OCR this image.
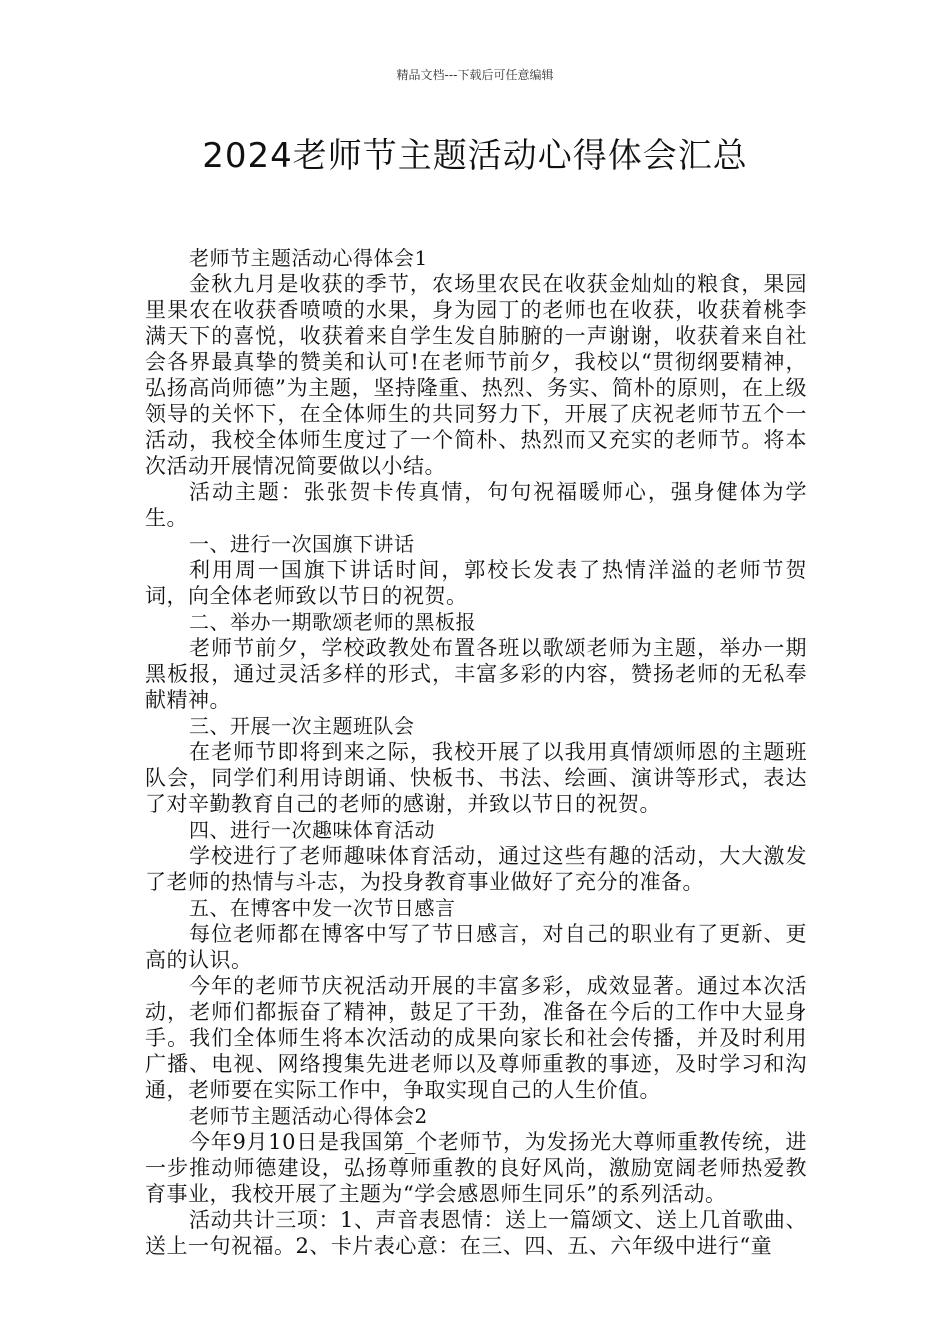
精品文档---下载后可任意编辑
2024老师节主题活动心得体会汇总

老师节主题活动心得体会1

金秋九月是收获的季节，农场里农民在收获金灿灿的粮食，果园里果农在收获香喷喷的水果，身为园丁的老师也在收获，收获着桃李满天下的喜悦，收获着来自学生发自肺腑的一声谢谢，收获着来自社会各界最真挚的赞美和认可!在老师节前夕，我校以“贯彻纲要精神，弘扬高尚师德”为主题，坚持隆重、热烈、务实、简朴的原则，在上级领导的关怀下，在全体师生的共同努力下，开展了庆祝老师节五个一活动，我校全体师生度过了一个简朴、热烈而又充实的老师节。将本次活动开展情况简要做以小结。

活动主题：张张贺卡传真情，句句祝福暖师心，强身健体为学生。

一、进行一次国旗下讲话

利用周一国旗下讲话时间，郭校长发表了热情洋溢的老师节贺词，向全体老师致以节日的祝贺。

二、举办一期歌颂老师的黑板报

老师节前夕，学校政教处布置各班以歌颂老师为主题，举办一期黑板报，通过灵活多样的形式，丰富多彩的内容，赞扬老师的无私奉献精神。

三、开展一次主题班队会

在老师节即将到来之际，我校开展了以我用真情颂师恩的主题班队会，同学们利用诗朗诵、快板书、书法、绘画、演讲等形式，表达了对辛勤教育自己的老师的感谢，并致以节日的祝贺。

四、进行一次趣味体育活动

学校进行了老师趣味体育活动，通过这些有趣的活动，大大激发了老师的热情与斗志，为投身教育事业做好了充分的准备。

五、在博客中发一次节日感言

每位老师都在博客中写了节日感言，对自己的职业有了更新、更高的认识。

今年的老师节庆祝活动开展的丰富多彩，成效显著。通过本次活动，老师们都振奋了精神，鼓足了干劲，准备在今后的工作中大显身手。我们全体师生将本次活动的成果向家长和社会传播，并及时利用广播、电视、网络搜集先进老师以及尊师重教的事迹，及时学习和沟通，老师要在实际工作中，争取实现自己的人生价值。

老师节主题活动心得体会2

今年9月10日是我国第_个老师节，为发扬光大尊师重教传统，进一步推动师德建设，弘扬尊师重教的良好风尚，激励宽阔老师热爱教育事业，我校开展了主题为“学会感恩师生同乐”的系列活动。

活动共计三项：1、声音表恩情：送上一篇颂文、送上几首歌曲、送上一句祝福。2、卡片表心意：在三、四、五、六年级中进行“童
